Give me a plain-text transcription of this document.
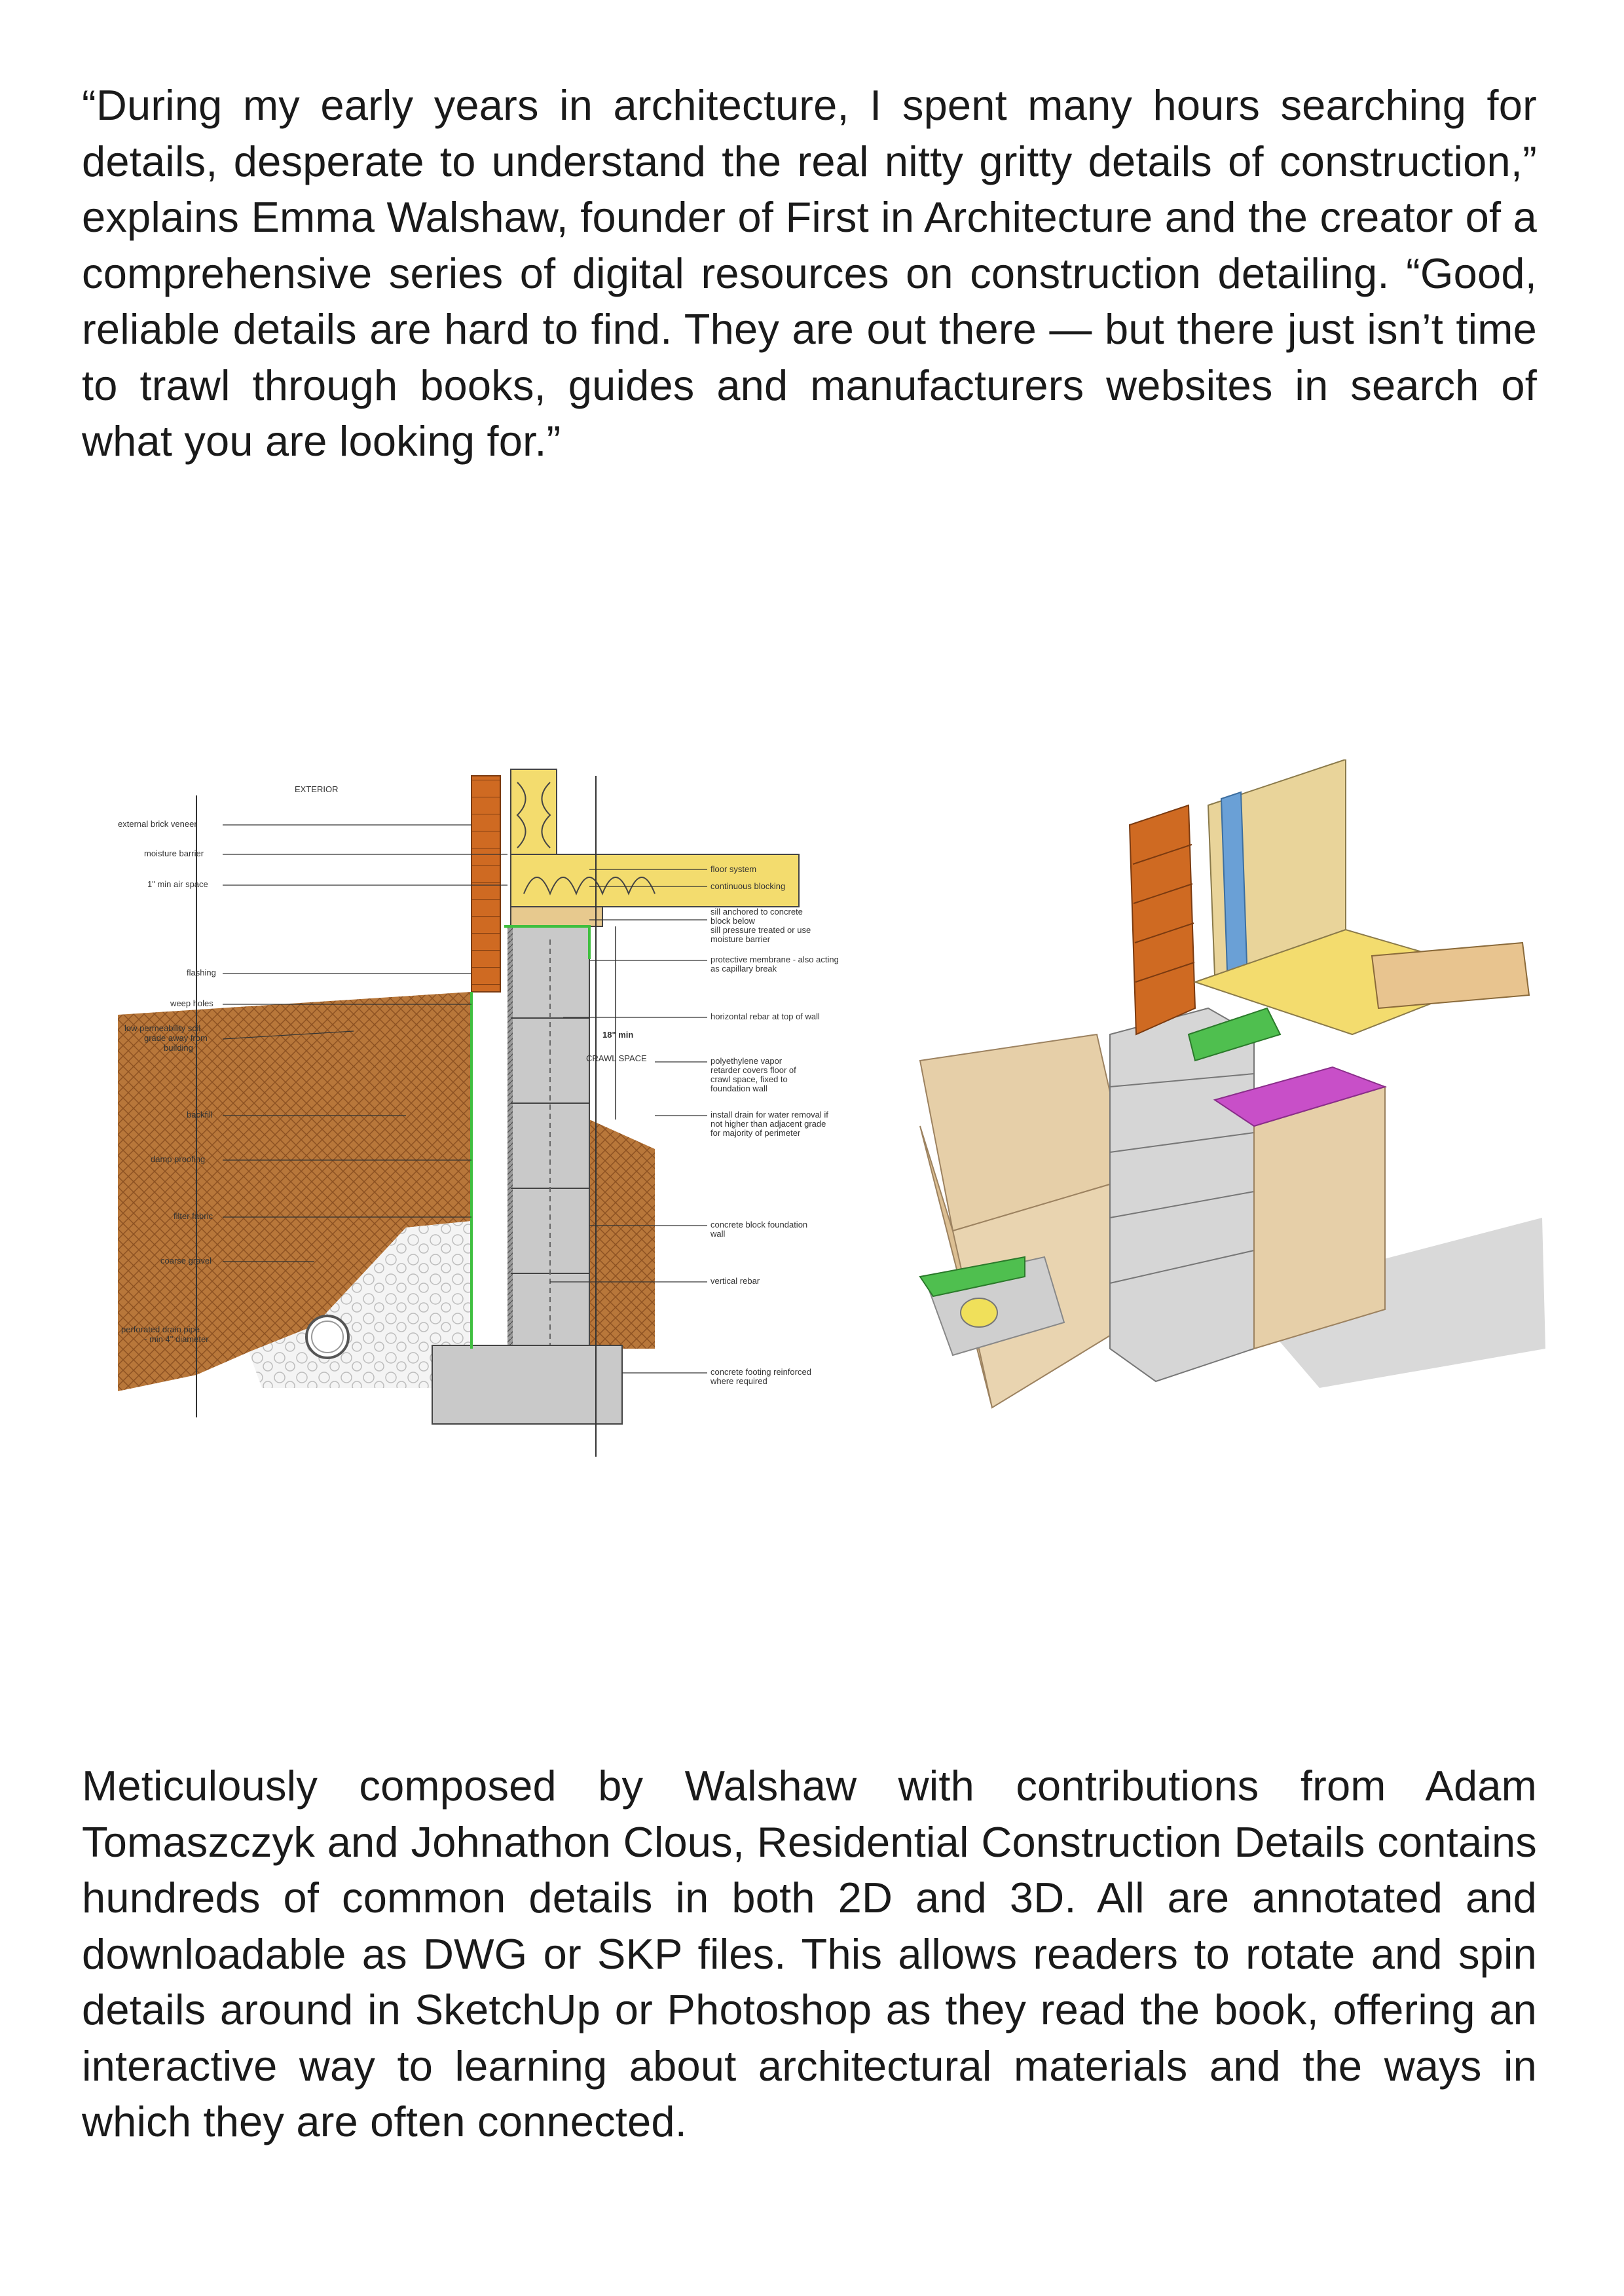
“During my early years in architecture, I spent many hours searching for details, desperate to understand the real nitty gritty details of construction,” explains Emma Walshaw, founder of First in Architecture and the creator of a comprehensive series of digital resources on construction detailing. “Good, reliable details are hard to find. They are out there — but there just isn’t time to trawl through books, guides and manufacturers websites in search of what you are looking for.”

EXTERIOR
18" min
CRAWL SPACE
external brick veneer
moisture barrier
1" min air space
flashing
weep holes
low permeability soil
grade away from
building
backfill
damp proofing
filter fabric
coarse gravel
perforated drain pipe
- min 4" diameter
floor system
continuous blocking
sill anchored to concrete
block below
sill pressure treated or use
moisture barrier
protective membrane - also acting
as capillary break
horizontal rebar at top of wall
polyethylene vapor
retarder covers floor of
crawl space, fixed to
foundation wall
install drain for water removal if
not higher than adjacent grade
for majority of perimeter
concrete block foundation
wall
vertical rebar
concrete footing reinforced
where required

Meticulously composed by Walshaw with contributions from Adam Tomaszczyk and Johnathon Clous, Residential Construction Details contains hundreds of common details in both 2D and 3D. All are annotated and downloadable as DWG or SKP files. This allows readers to rotate and spin details around in SketchUp or Photoshop as they read the book, offering an interactive way to learning about architectural materials and the ways in which they are often connected.
